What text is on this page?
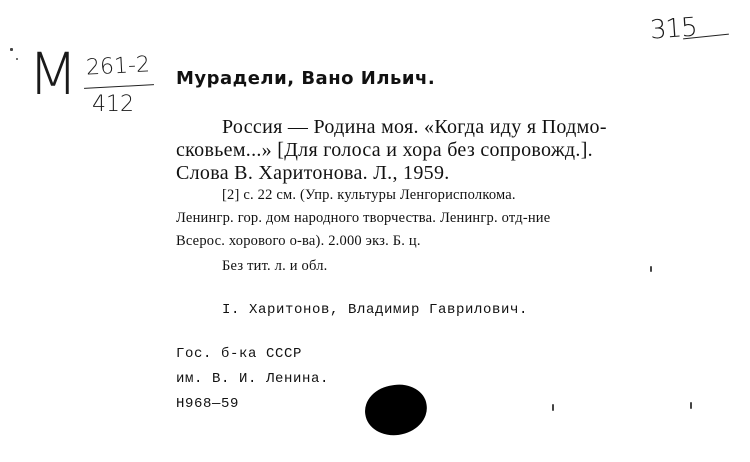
315
М 261-2
412
Мурадели, Вано Ильич.
Россия — Родина моя. «Когда иду я Подмо-
сковьем...» [Для голоса и хора без сопровожд.].
Слова В. Харитонова. Л., 1959.
[2] с. 22 см. (Упр. культуры Ленгорисполкома.
Ленингр. гор. дом народного творчества. Ленингр. отд-ние
Всерос. хорового о-ва). 2.000 экз. Б. ц.
Без тит. л. и обл.
I. Харитонов, Владимир Гаврилович.
Гос. б-ка СССР
им. В. И. Ленина.
Н968—59
